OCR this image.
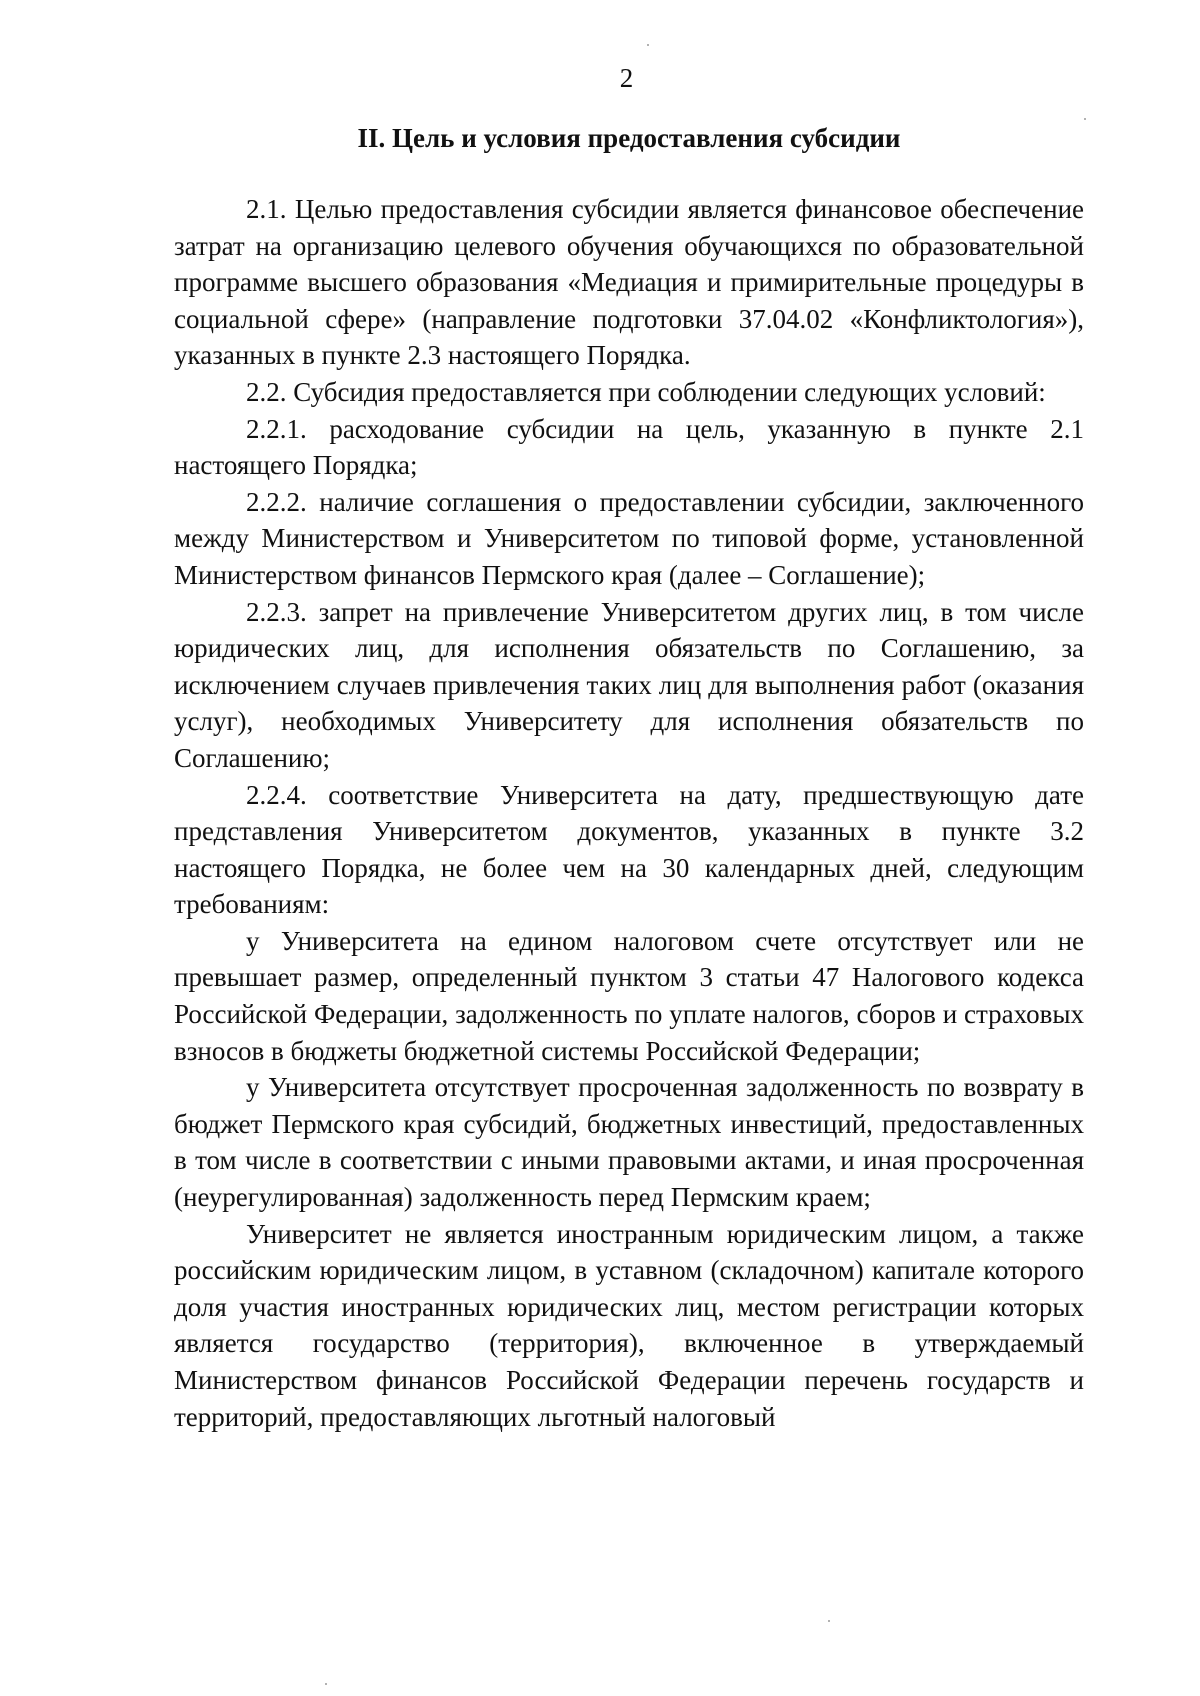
2
II. Цель и условия предоставления субсидии

2.1. Целью предоставления субсидии является финансовое обеспечение затрат на организацию целевого обучения обучающихся по образовательной программе высшего образования «Медиация и примирительные процедуры в социальной сфере» (направление подготовки 37.04.02 «Конфликтология»), указанных в пункте 2.3 настоящего Порядка.

2.2. Субсидия предоставляется при соблюдении следующих условий:

2.2.1. расходование субсидии на цель, указанную в пункте 2.1 настоящего Порядка;

2.2.2. наличие соглашения о предоставлении субсидии, заключенного между Министерством и Университетом по типовой форме, установленной Министерством финансов Пермского края (далее – Соглашение);

2.2.3. запрет на привлечение Университетом других лиц, в том числе юридических лиц, для исполнения обязательств по Соглашению, за исключением случаев привлечения таких лиц для выполнения работ (оказания услуг), необходимых Университету для исполнения обязательств по Соглашению;

2.2.4. соответствие Университета на дату, предшествующую дате представления Университетом документов, указанных в пункте 3.2 настоящего Порядка, не более чем на 30 календарных дней, следующим требованиям:

у Университета на едином налоговом счете отсутствует или не превышает размер, определенный пунктом 3 статьи 47 Налогового кодекса Российской Федерации, задолженность по уплате налогов, сборов и страховых взносов в бюджеты бюджетной системы Российской Федерации;

у Университета отсутствует просроченная задолженность по возврату в бюджет Пермского края субсидий, бюджетных инвестиций, предоставленных в том числе в соответствии с иными правовыми актами, и иная просроченная (неурегулированная) задолженность перед Пермским краем;

Университет не является иностранным юридическим лицом, а также российским юридическим лицом, в уставном (складочном) капитале которого доля участия иностранных юридических лиц, местом регистрации которых является государство (территория), включенное в утверждаемый Министерством финансов Российской Федерации перечень государств и территорий, предоставляющих льготный налоговый
